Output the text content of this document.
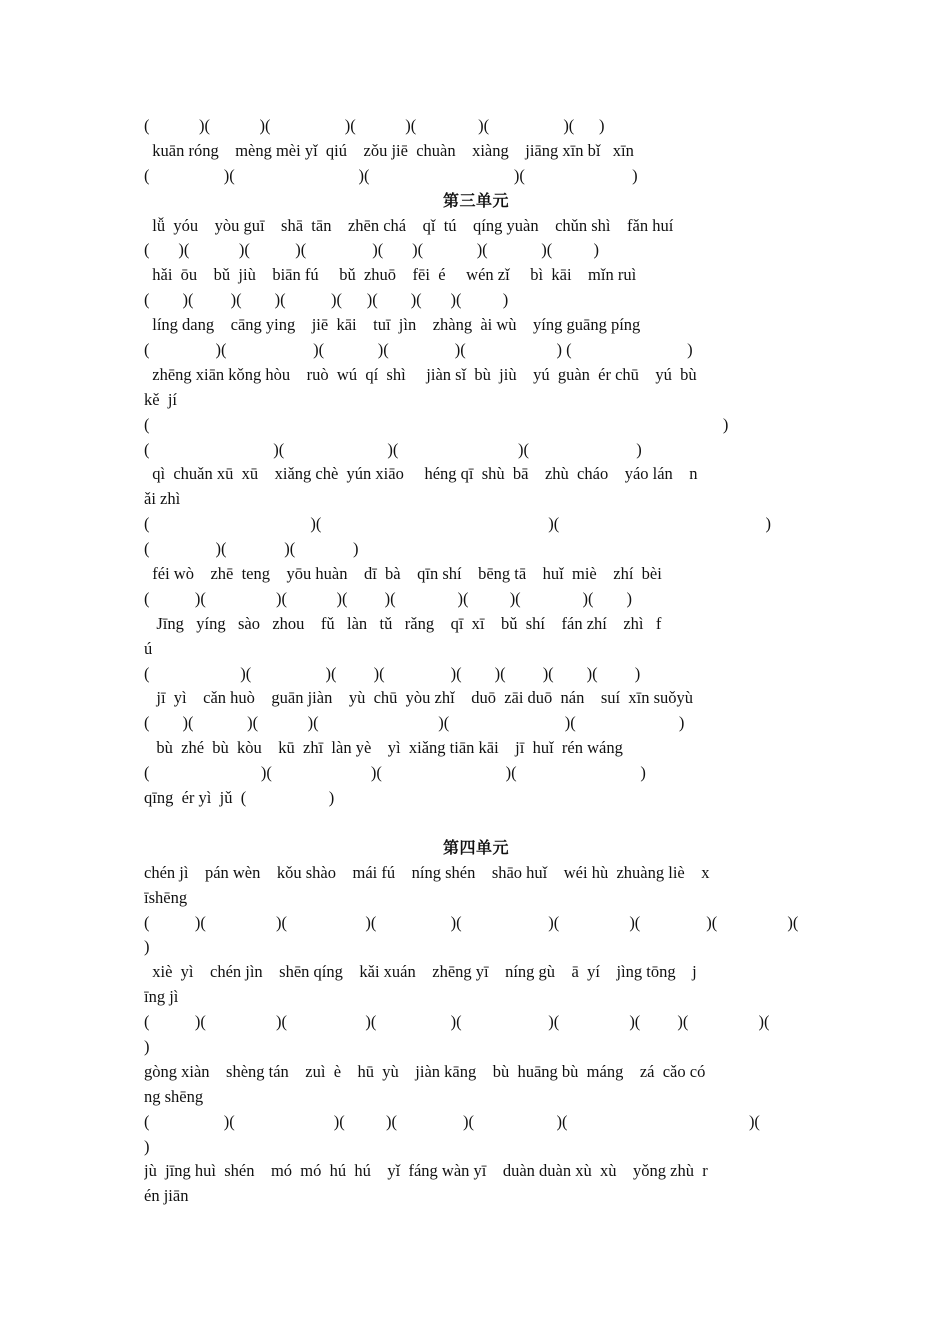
(            )(            )(                  )(            )(               )(                  )(      )
kuān róng    mèng mèi yǐ  qiú    zǒu jiē  chuàn    xiàng    jiāng xīn bǐ   xīn
(                  )(                              )(                                   )(                          )
第三单元
lǚ  yóu    yòu guī    shā  tān    zhēn chá    qǐ  tú    qíng yuàn    chǔn shì    fǎn huí
(       )(            )(           )(                )(       )(             )(             )(          )
hǎi  ōu    bǔ  jiù    biān fú     bǔ  zhuō    fēi  é     wén zǐ     bì  kāi    mǐn ruì
(        )(         )(        )(           )(      )(        )(       )(          )
líng dang    cāng ying    jiē  kāi    tuī  jìn    zhàng  ài wù    yíng guāng píng
(                )(                     )(             )(                )(                      ) (                            )
zhēng xiān kǒng hòu    ruò  wú  qí  shì     jiàn sǐ  bù  jiù    yú  guàn  ér chū    yú  bù
kě  jí
(                                                                                                                                           )
(                              )(                         )(                             )(                          )
qì  chuǎn xū  xū    xiǎng chè  yún xiāo     héng qī  shù  bā    zhù  cháo    yáo lán    n
ǎi zhì
(                                       )(                                                       )(                                                  )
(                )(              )(              )
féi wò    zhē  teng    yōu huàn    dī  bà    qīn shí    bēng tā    huǐ  miè    zhí  bèi
(           )(                 )(            )(         )(               )(          )(               )(        )
Jīng   yíng   sào   zhou    fǔ   làn   tǔ   rǎng    qī  xī    bǔ  shí    fán zhí    zhì   f
ú
(                      )(                  )(         )(                )(        )(         )(        )(         )
jī  yì    cǎn huò    guān jiàn    yù  chū  yòu zhǐ    duō  zāi duō  nán    suí  xīn suǒyù
(        )(             )(            )(                             )(                            )(                         )
bù  zhé  bù  kòu    kū  zhī  làn yè    yì  xiǎng tiān kāi    jī  huǐ  rén wáng
(                           )(                        )(                              )(                              )
qīng  ér yì  jǔ  (                    )
第四单元
chén jì    pán wèn    kǒu shào    mái fú    níng shén    shāo huǐ    wéi hù  zhuàng liè    x
īshēng
(           )(                 )(                   )(                  )(                     )(                 )(                )(                 )(
)
xiè  yì    chén jìn    shēn qíng    kǎi xuán    zhēng yī    níng gù    ā  yí    jìng tōng    j
īng jì
(           )(                 )(                   )(                  )(                     )(                 )(         )(                 )(
)
gòng xiàn    shèng tán    zuì  è    hū  yù    jiàn kāng    bù  huāng bù  máng    zá  cǎo có
ng shēng
(                  )(                        )(          )(                )(                    )(                                            )(
)
jù  jīng huì  shén    mó  mó  hú  hú    yǐ  fáng wàn yī    duàn duàn xù  xù    yǒng zhù  r
én jiān
